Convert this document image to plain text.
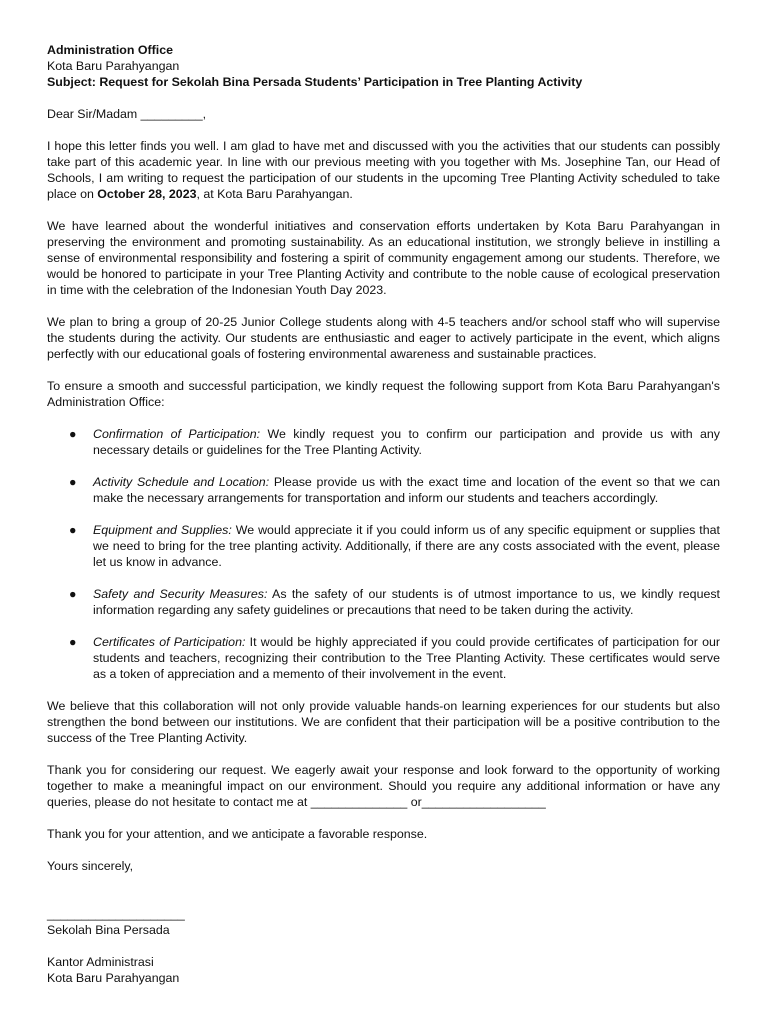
Administration Office
Kota Baru Parahyangan
Subject: Request for Sekolah Bina Persada Students’ Participation in Tree Planting Activity
Dear Sir/Madam _________,

I hope this letter finds you well. I am glad to have met and discussed with you the activities that our students can possibly take part of this academic year. In line with our previous meeting with you together with Ms. Josephine Tan, our Head of Schools, I am writing to request the participation of our students in the upcoming Tree Planting Activity scheduled to take place on October 28, 2023, at Kota Baru Parahyangan.

We have learned about the wonderful initiatives and conservation efforts undertaken by Kota Baru Parahyangan in preserving the environment and promoting sustainability. As an educational institution, we strongly believe in instilling a sense of environmental responsibility and fostering a spirit of community engagement among our students. Therefore, we would be honored to participate in your Tree Planting Activity and contribute to the noble cause of ecological preservation in time with the celebration of the Indonesian Youth Day 2023.

We plan to bring a group of 20-25 Junior College students along with 4-5 teachers and/or school staff who will supervise the students during the activity. Our students are enthusiastic and eager to actively participate in the event, which aligns perfectly with our educational goals of fostering environmental awareness and sustainable practices.

To ensure a smooth and successful participation, we kindly request the following support from Kota Baru Parahyangan's Administration Office:

● Confirmation of Participation: We kindly request you to confirm our participation and provide us with any necessary details or guidelines for the Tree Planting Activity.
● Activity Schedule and Location: Please provide us with the exact time and location of the event so that we can make the necessary arrangements for transportation and inform our students and teachers accordingly.
● Equipment and Supplies: We would appreciate it if you could inform us of any specific equipment or supplies that we need to bring for the tree planting activity. Additionally, if there are any costs associated with the event, please let us know in advance.
● Safety and Security Measures: As the safety of our students is of utmost importance to us, we kindly request information regarding any safety guidelines or precautions that need to be taken during the activity.
● Certificates of Participation: It would be highly appreciated if you could provide certificates of participation for our students and teachers, recognizing their contribution to the Tree Planting Activity. These certificates would serve as a token of appreciation and a memento of their involvement in the event.

We believe that this collaboration will not only provide valuable hands-on learning experiences for our students but also strengthen the bond between our institutions. We are confident that their participation will be a positive contribution to the success of the Tree Planting Activity.

Thank you for considering our request. We eagerly await your response and look forward to the opportunity of working together to make a meaningful impact on our environment. Should you require any additional information or have any queries, please do not hesitate to contact me at ______________ or__________________

Thank you for your attention, and we anticipate a favorable response.

Yours sincerely,
____________________
Sekolah Bina Persada
Kantor Administrasi
Kota Baru Parahyangan
